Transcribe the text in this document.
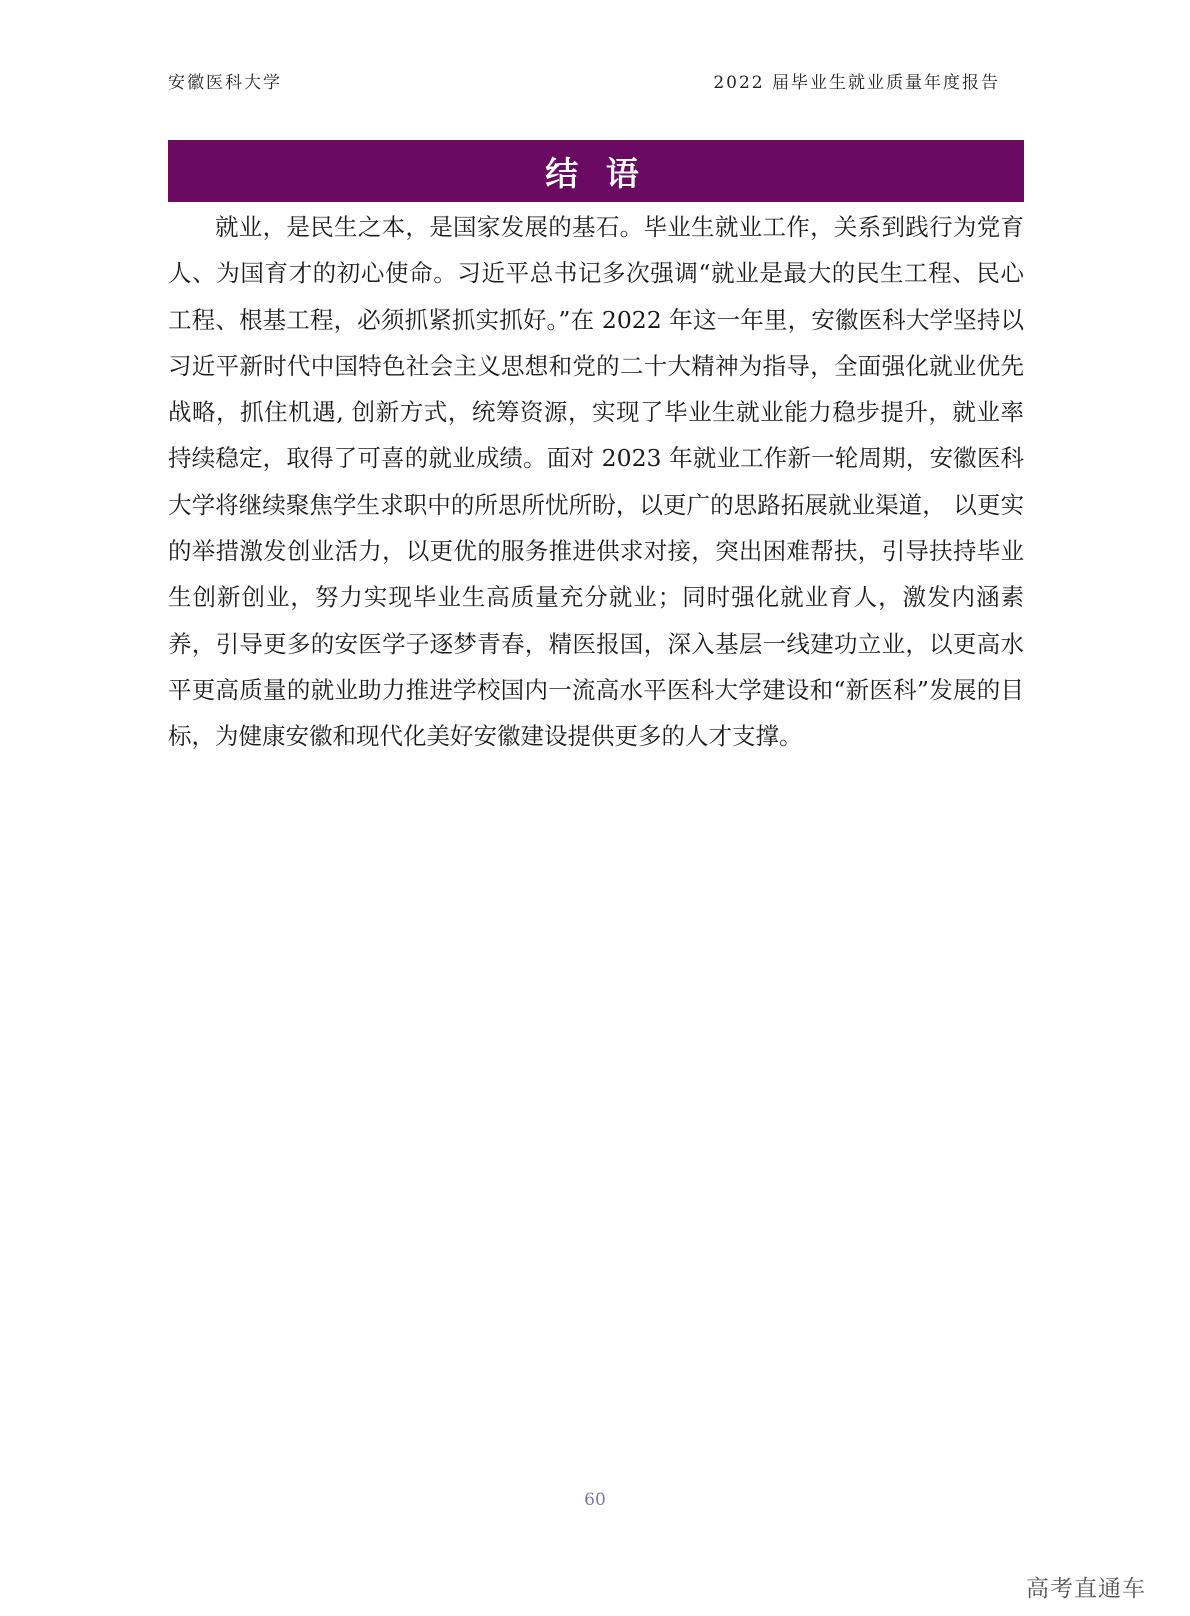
安徽医科大学	2022 届毕业生就业质量年度报告
结 语

就业，是民生之本，是国家发展的基石。毕业生就业工作，关系到践行为党育人、为国育才的初心使命。习近平总书记多次强调“就业是最大的民生工程、民心工程、根基工程，必须抓紧抓实抓好。”在 2022 年这一年里，安徽医科大学坚持以习近平新时代中国特色社会主义思想和党的二十大精神为指导，全面强化就业优先战略，抓住机遇, 创新方式，统筹资源，实现了毕业生就业能力稳步提升，就业率持续稳定，取得了可喜的就业成绩。面对 2023 年就业工作新一轮周期，安徽医科大学将继续聚焦学生求职中的所思所忧所盼，以更广的思路拓展就业渠道， 以更实的举措激发创业活力，以更优的服务推进供求对接，突出困难帮扶，引导扶持毕业生创新创业，努力实现毕业生高质量充分就业；同时强化就业育人，激发内涵素养，引导更多的安医学子逐梦青春，精医报国，深入基层一线建功立业，以更高水平更高质量的就业助力推进学校国内一流高水平医科大学建设和“新医科”发展的目标，为健康安徽和现代化美好安徽建设提供更多的人才支撑。

60
高考直通车
